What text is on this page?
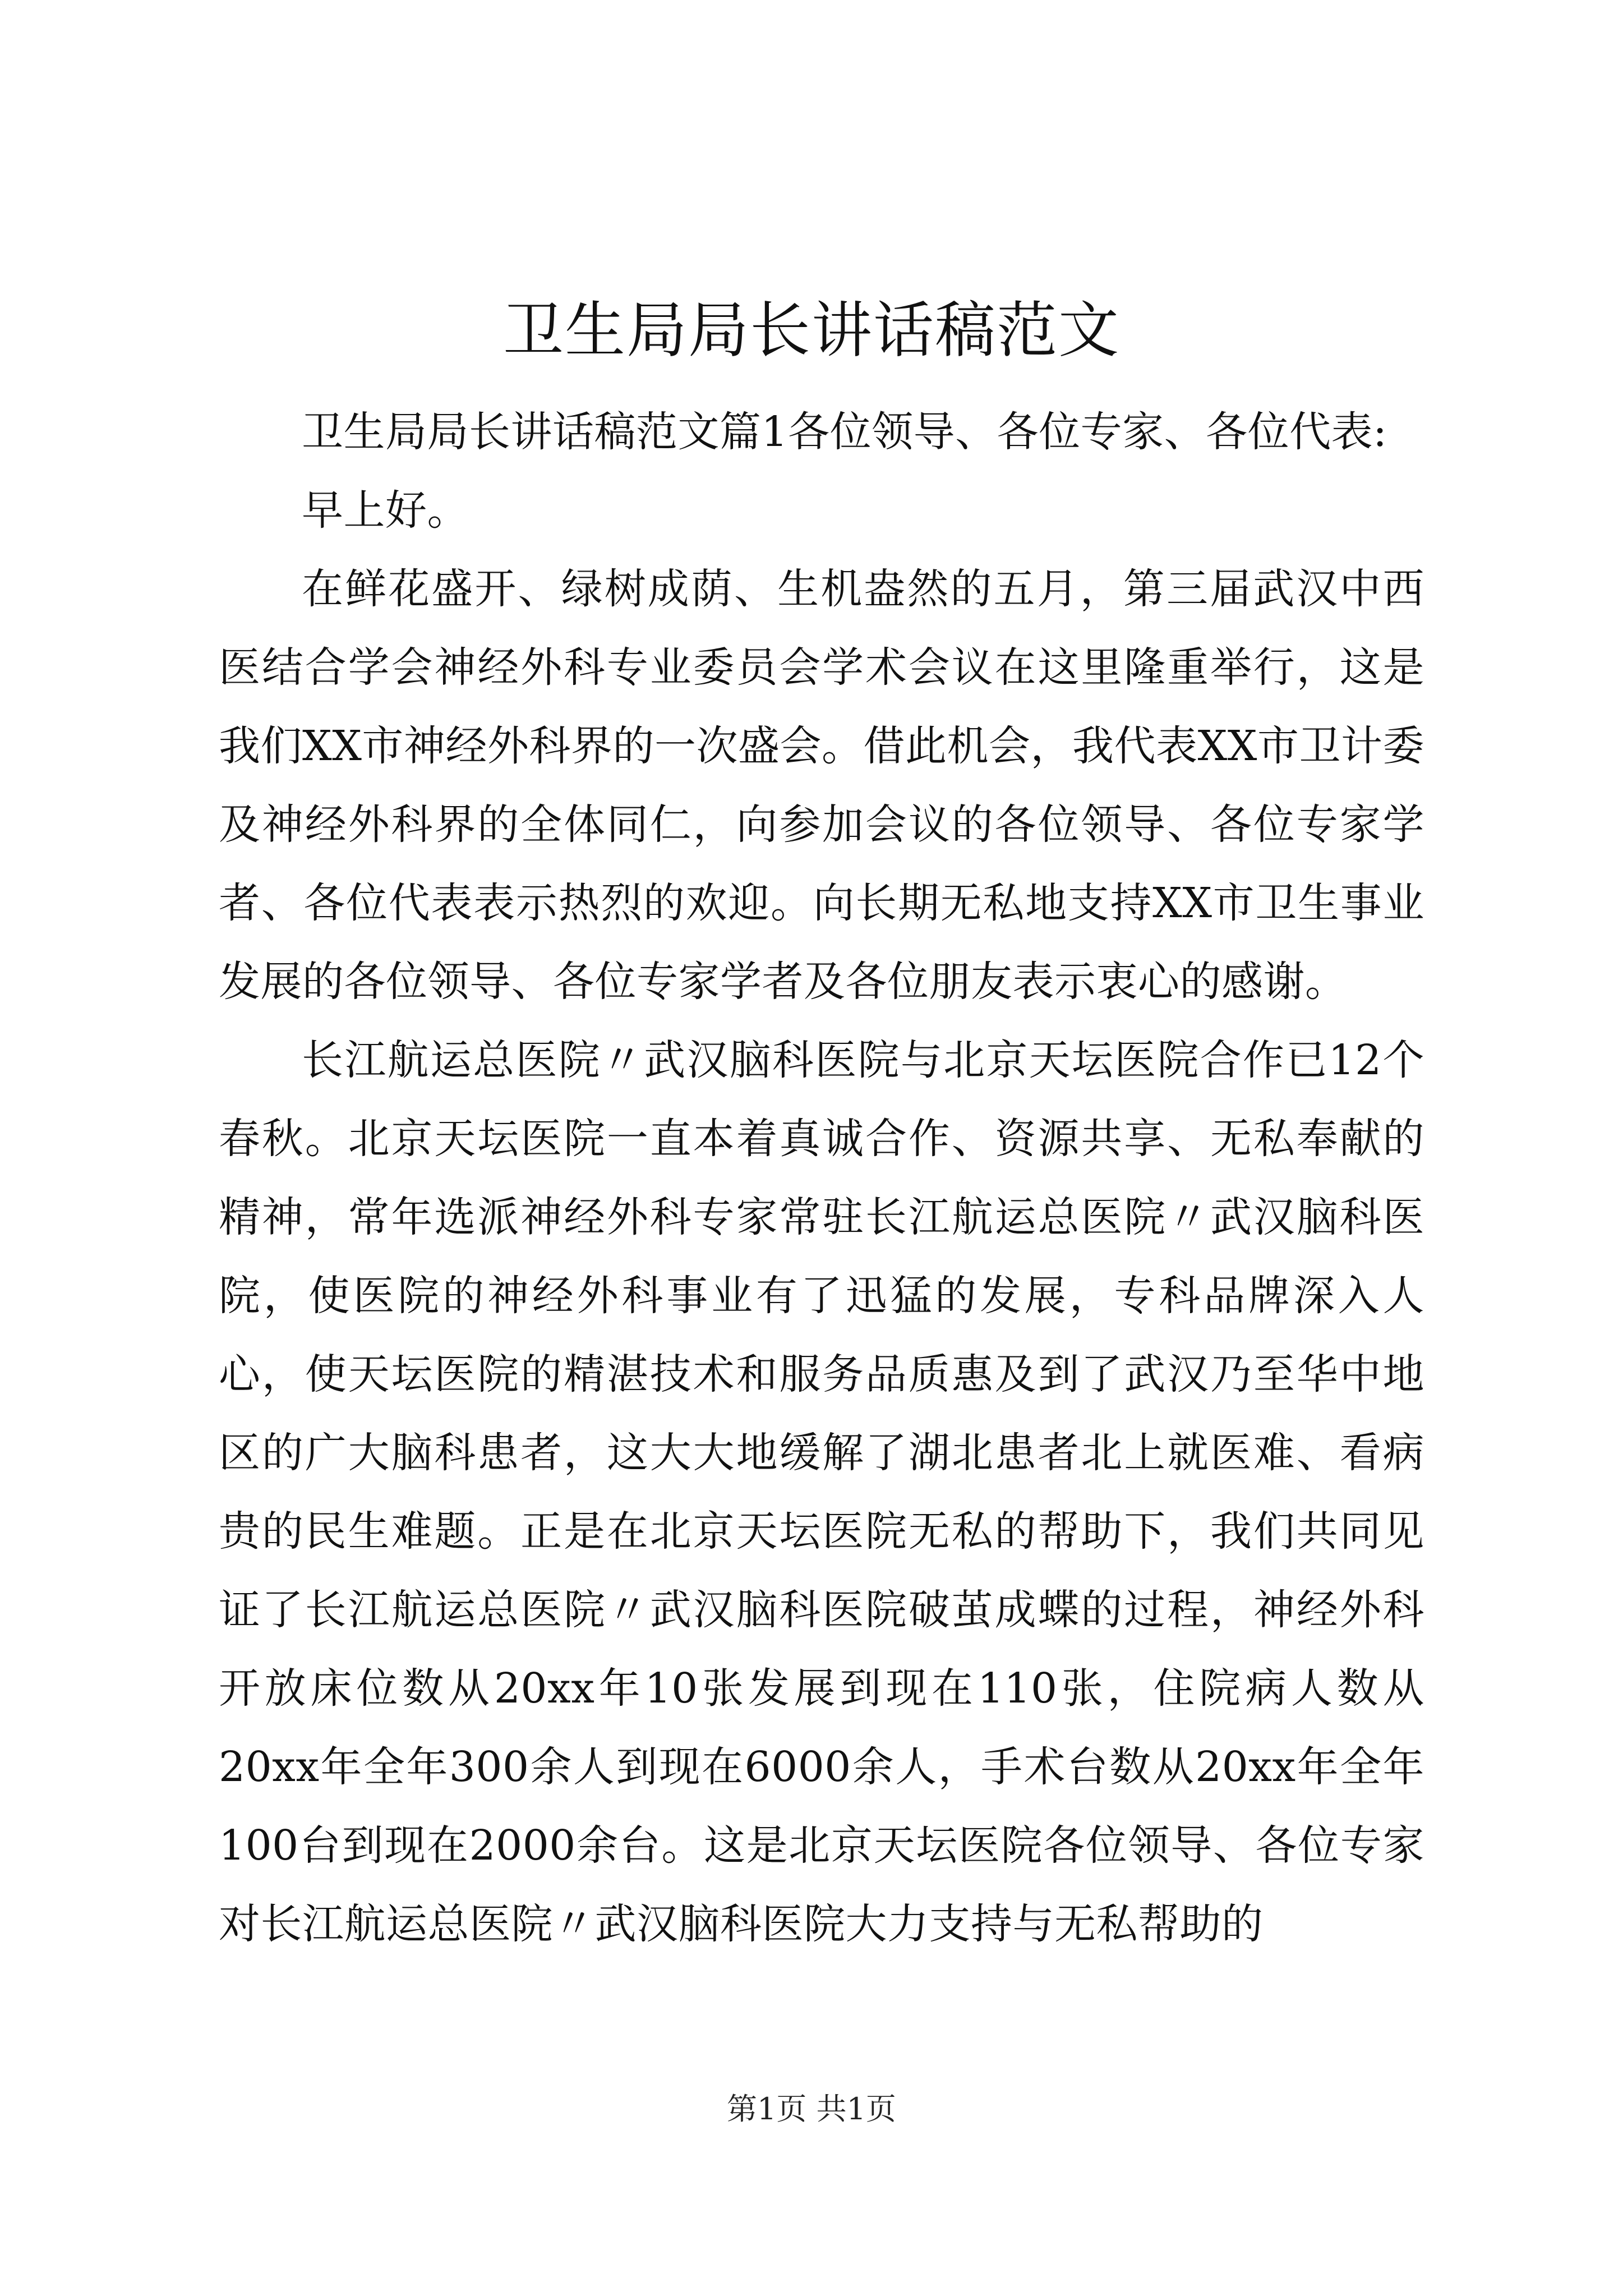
卫生局局长讲话稿范文

卫生局局长讲话稿范文篇1各位领导、各位专家、各位代表:

早上好。

在鲜花盛开、绿树成荫、生机盎然的五月，第三届武汉中西医结合学会神经外科专业委员会学术会议在这里隆重举行，这是我们XX市神经外科界的一次盛会。借此机会，我代表XX市卫计委及神经外科界的全体同仁，向参加会议的各位领导、各位专家学者、各位代表表示热烈的欢迎。向长期无私地支持XX市卫生事业发展的各位领导、各位专家学者及各位朋友表示衷心的感谢。

长江航运总医院〃武汉脑科医院与北京天坛医院合作已12个春秋。北京天坛医院一直本着真诚合作、资源共享、无私奉献的精神，常年选派神经外科专家常驻长江航运总医院〃武汉脑科医院，使医院的神经外科事业有了迅猛的发展，专科品牌深入人心，使天坛医院的精湛技术和服务品质惠及到了武汉乃至华中地区的广大脑科患者，这大大地缓解了湖北患者北上就医难、看病贵的民生难题。正是在北京天坛医院无私的帮助下，我们共同见证了长江航运总医院〃武汉脑科医院破茧成蝶的过程，神经外科开放床位数从20xx年10张发展到现在110张，住院病人数从20xx年全年300余人到现在6000余人，手术台数从20xx年全年100台到现在2000余台。这是北京天坛医院各位领导、各位专家对长江航运总医院〃武汉脑科医院大力支持与无私帮助的

第1页 共1页
